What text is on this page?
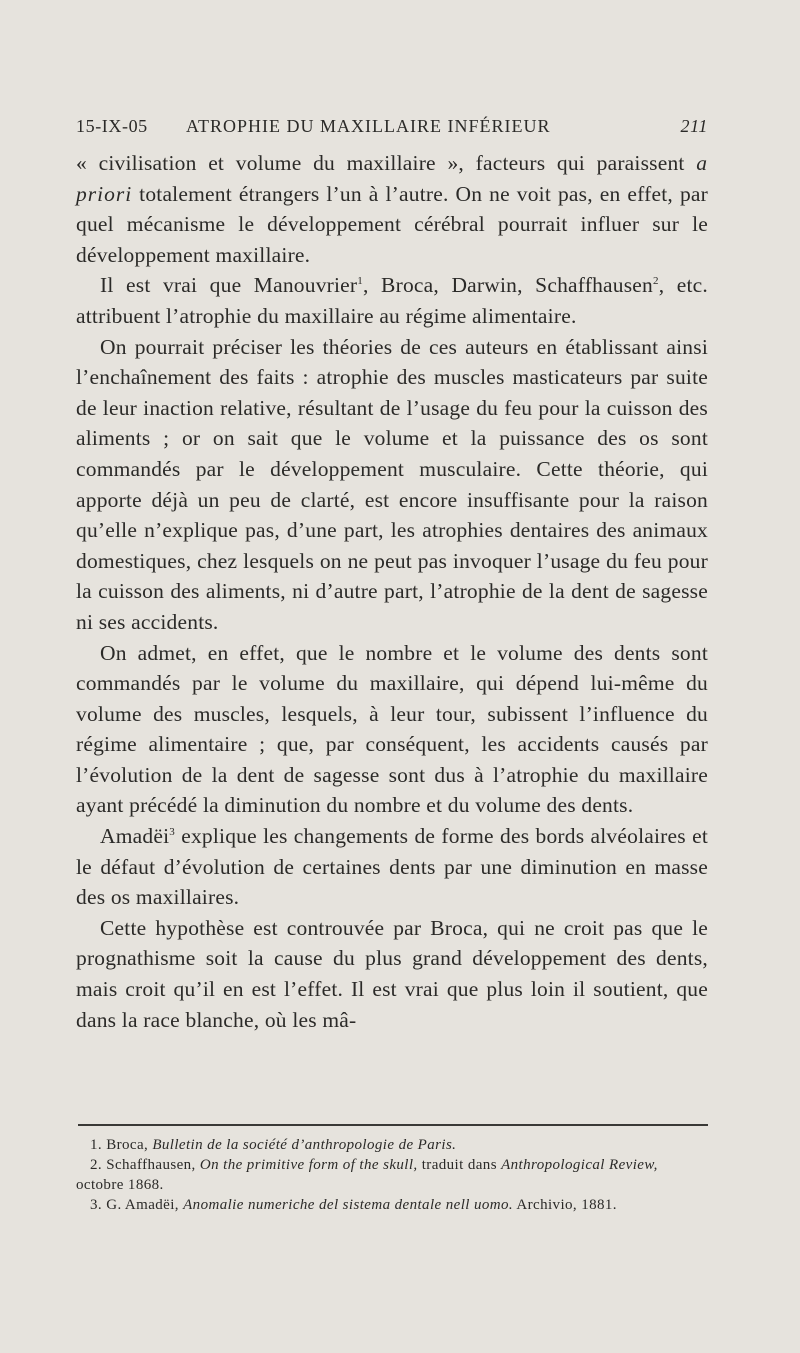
15-IX-05 ATROPHIE DU MAXILLAIRE INFÉRIEUR	211

« civilisation et volume du maxillaire », facteurs qui paraissent a priori totalement étrangers l’un à l’autre. On ne voit pas, en effet, par quel mécanisme le développement cérébral pourrait influer sur le développement maxillaire.

Il est vrai que Manouvrier$^1$, Broca, Darwin, Schaffhausen$^2$, etc. attribuent l’atrophie du maxillaire au régime alimentaire.

On pourrait préciser les théories de ces auteurs en établissant ainsi l’enchaînement des faits : atrophie des muscles masticateurs par suite de leur inaction relative, résultant de l’usage du feu pour la cuisson des aliments ; or on sait que le volume et la puissance des os sont commandés par le développement musculaire. Cette théorie, qui apporte déjà un peu de clarté, est encore insuffisante pour la raison qu’elle n’explique pas, d’une part, les atrophies dentaires des animaux domestiques, chez lesquels on ne peut pas invoquer l’usage du feu pour la cuisson des aliments, ni d’autre part, l’atrophie de la dent de sagesse ni ses accidents.

On admet, en effet, que le nombre et le volume des dents sont commandés par le volume du maxillaire, qui dépend lui-même du volume des muscles, lesquels, à leur tour, subissent l’influence du régime alimentaire ; que, par conséquent, les accidents causés par l’évolution de la dent de sagesse sont dus à l’atrophie du maxillaire ayant précédé la diminution du nombre et du volume des dents.

Amadëi$^3$ explique les changements de forme des bords alvéolaires et le défaut d’évolution de certaines dents par une diminution en masse des os maxillaires.

Cette hypothèse est controuvée par Broca, qui ne croit pas que le prognathisme soit la cause du plus grand développement des dents, mais croit qu’il en est l’effet. Il est vrai que plus loin il soutient, que dans la race blanche, où les mâ-

1. Broca, Bulletin de la société d’anthropologie de Paris.

2. Schaffhausen, On the primitive form of the skull, traduit dans Anthropological Review, octobre 1868.

3. G. Amadëi, Anomalie numeriche del sistema dentale nell uomo. Archivio, 1881.
